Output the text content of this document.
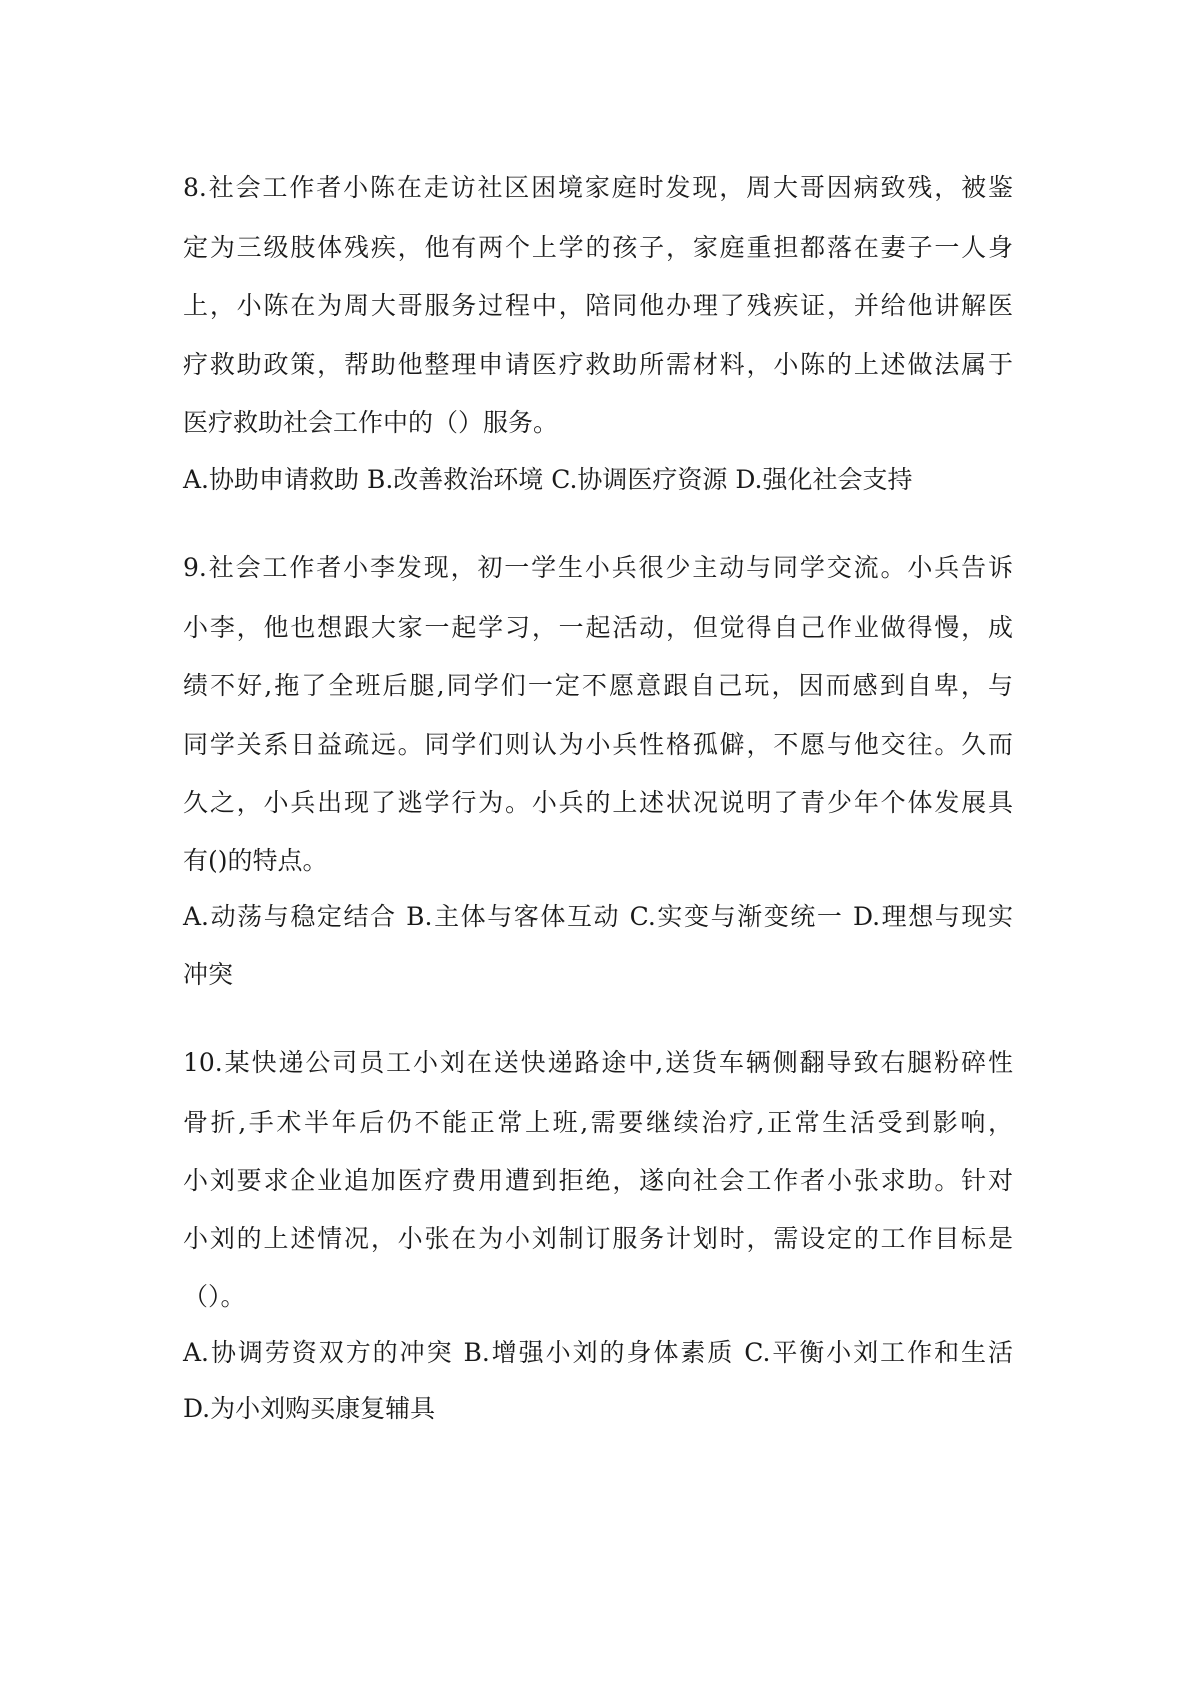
8.社会工作者小陈在走访社区困境家庭时发现，周大哥因病致残，被鉴
定为三级肢体残疾，他有两个上学的孩子，家庭重担都落在妻子一人身
上，小陈在为周大哥服务过程中，陪同他办理了残疾证，并给他讲解医
疗救助政策，帮助他整理申请医疗救助所需材料，小陈的上述做法属于
医疗救助社会工作中的（）服务。
A.协助申请救助 B.改善救治环境 C.协调医疗资源 D.强化社会支持
9.社会工作者小李发现，初一学生小兵很少主动与同学交流。小兵告诉
小李，他也想跟大家一起学习，一起活动，但觉得自己作业做得慢，成
绩不好,拖了全班后腿,同学们一定不愿意跟自己玩，因而感到自卑，与
同学关系日益疏远。同学们则认为小兵性格孤僻，不愿与他交往。久而
久之，小兵出现了逃学行为。小兵的上述状况说明了青少年个体发展具
有()的特点。
A.动荡与稳定结合 B.主体与客体互动 C.实变与渐变统一 D.理想与现实
冲突
10.某快递公司员工小刘在送快递路途中,送货车辆侧翻导致右腿粉碎性
骨折,手术半年后仍不能正常上班,需要继续治疗,正常生活受到影响，
小刘要求企业追加医疗费用遭到拒绝，遂向社会工作者小张求助。针对
小刘的上述情况，小张在为小刘制订服务计划时，需设定的工作目标是
（）。
A.协调劳资双方的冲突 B.增强小刘的身体素质 C.平衡小刘工作和生活
D.为小刘购买康复辅具
